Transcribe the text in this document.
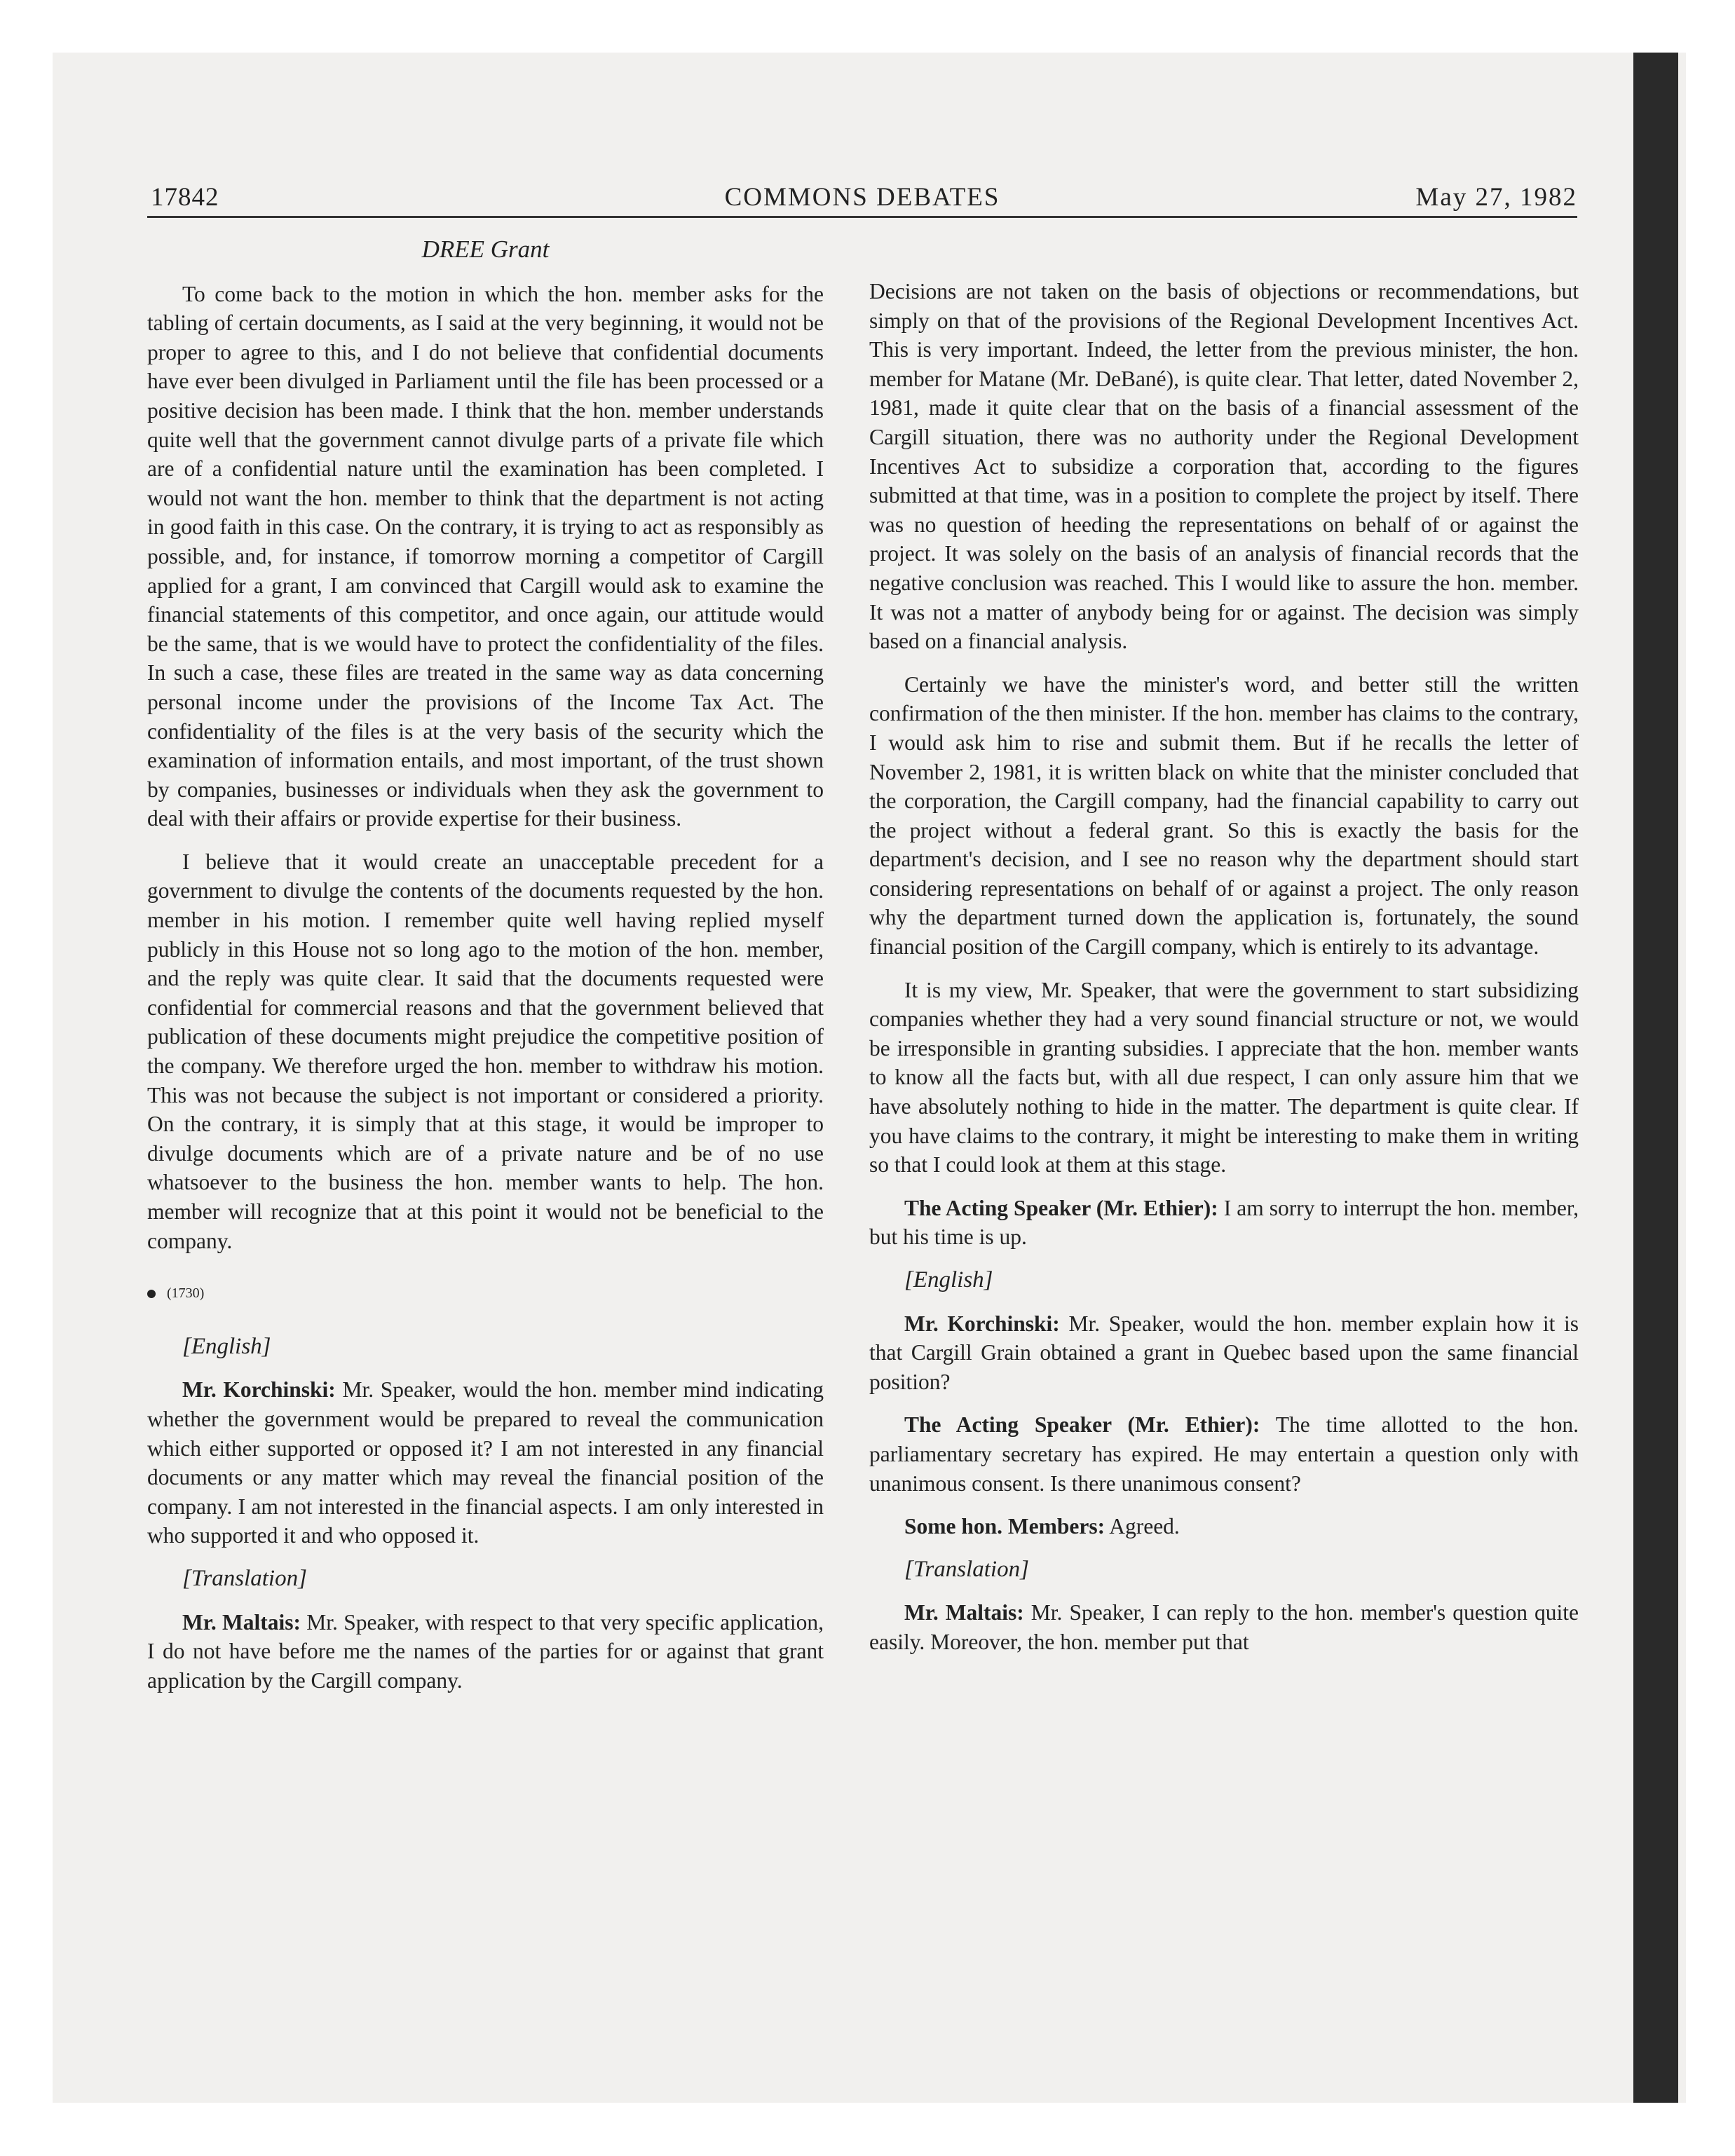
17842	COMMONS DEBATES	May 27, 1982
DREE Grant

To come back to the motion in which the hon. member asks for the tabling of certain documents, as I said at the very beginning, it would not be proper to agree to this, and I do not believe that confidential documents have ever been divulged in Parliament until the file has been processed or a positive decision has been made. I think that the hon. member understands quite well that the government cannot divulge parts of a private file which are of a confidential nature until the examination has been completed. I would not want the hon. member to think that the department is not acting in good faith in this case. On the contrary, it is trying to act as responsibly as possible, and, for instance, if tomorrow morning a competitor of Cargill applied for a grant, I am convinced that Cargill would ask to examine the financial statements of this competitor, and once again, our attitude would be the same, that is we would have to protect the confidentiality of the files. In such a case, these files are treated in the same way as data concerning personal income under the provisions of the Income Tax Act. The confidentiality of the files is at the very basis of the security which the examination of information entails, and most important, of the trust shown by companies, businesses or individuals when they ask the government to deal with their affairs or provide expertise for their business.

I believe that it would create an unacceptable precedent for a government to divulge the contents of the documents requested by the hon. member in his motion. I remember quite well having replied myself publicly in this House not so long ago to the motion of the hon. member, and the reply was quite clear. It said that the documents requested were confidential for commercial reasons and that the government believed that publication of these documents might prejudice the competitive position of the company. We therefore urged the hon. member to withdraw his motion. This was not because the subject is not important or considered a priority. On the contrary, it is simply that at this stage, it would be improper to divulge documents which are of a private nature and be of no use whatsoever to the business the hon. member wants to help. The hon. member will recognize that at this point it would not be beneficial to the company.

(1730)

[English]

Mr. Korchinski: Mr. Speaker, would the hon. member mind indicating whether the government would be prepared to reveal the communication which either supported or opposed it? I am not interested in any financial documents or any matter which may reveal the financial position of the company. I am not interested in the financial aspects. I am only interested in who supported it and who opposed it.

[Translation]

Mr. Maltais: Mr. Speaker, with respect to that very specific application, I do not have before me the names of the parties for or against that grant application by the Cargill company.

Decisions are not taken on the basis of objections or recommendations, but simply on that of the provisions of the Regional Development Incentives Act. This is very important. Indeed, the letter from the previous minister, the hon. member for Matane (Mr. DeBané), is quite clear. That letter, dated November 2, 1981, made it quite clear that on the basis of a financial assessment of the Cargill situation, there was no authority under the Regional Development Incentives Act to subsidize a corporation that, according to the figures submitted at that time, was in a position to complete the project by itself. There was no question of heeding the representations on behalf of or against the project. It was solely on the basis of an analysis of financial records that the negative conclusion was reached. This I would like to assure the hon. member. It was not a matter of anybody being for or against. The decision was simply based on a financial analysis.

Certainly we have the minister's word, and better still the written confirmation of the then minister. If the hon. member has claims to the contrary, I would ask him to rise and submit them. But if he recalls the letter of November 2, 1981, it is written black on white that the minister concluded that the corporation, the Cargill company, had the financial capability to carry out the project without a federal grant. So this is exactly the basis for the department's decision, and I see no reason why the department should start considering representations on behalf of or against a project. The only reason why the department turned down the application is, fortunately, the sound financial position of the Cargill company, which is entirely to its advantage.

It is my view, Mr. Speaker, that were the government to start subsidizing companies whether they had a very sound financial structure or not, we would be irresponsible in granting subsidies. I appreciate that the hon. member wants to know all the facts but, with all due respect, I can only assure him that we have absolutely nothing to hide in the matter. The department is quite clear. If you have claims to the contrary, it might be interesting to make them in writing so that I could look at them at this stage.

The Acting Speaker (Mr. Ethier): I am sorry to interrupt the hon. member, but his time is up.

[English]

Mr. Korchinski: Mr. Speaker, would the hon. member explain how it is that Cargill Grain obtained a grant in Quebec based upon the same financial position?

The Acting Speaker (Mr. Ethier): The time allotted to the hon. parliamentary secretary has expired. He may entertain a question only with unanimous consent. Is there unanimous consent?

Some hon. Members: Agreed.

[Translation]

Mr. Maltais: Mr. Speaker, I can reply to the hon. member's question quite easily. Moreover, the hon. member put that
